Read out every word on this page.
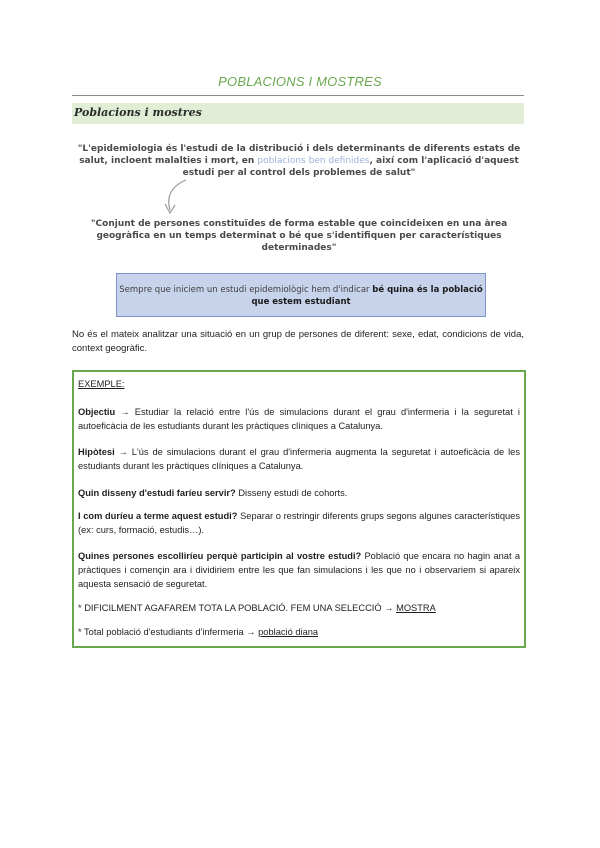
POBLACIONS I MOSTRES
Poblacions i mostres
"L'epidemiologia és l'estudi de la distribució i dels determinants de diferents estats de salut, incloent malalties i mort, en poblacions ben definides, així com l'aplicació d'aquest estudi per al control dels problemes de salut"
"Conjunt de persones constituïdes de forma estable que coincideixen en una àrea geogràfica en un temps determinat o bé que s'identifiquen per característiques determinades"
Sempre que iniciem un estudi epidemiològic hem d'indicar bé quina és la població que estem estudiant
No és el mateix analitzar una situació en un grup de persones de diferent: sexe, edat, condicions de vida, context geogràfic.
EXEMPLE:
Objectiu → Estudiar la relació entre l'ús de simulacions durant el grau d'infermeria i la seguretat i autoeficàcia de les estudiants durant les pràctiques clíniques a Catalunya.
Hipòtesi → L'ús de simulacions durant el grau d'infermeria augmenta la seguretat i autoeficàcia de les estudiants durant les pràctiques clíniques a Catalunya.
Quin disseny d'estudi faríeu servir? Disseny estudi de cohorts.
I com duríeu a terme aquest estudi? Separar o restringir diferents grups segons algunes característiques (ex: curs, formació, estudis…).
Quines persones escolliríeu perquè participin al vostre estudi? Població que encara no hagin anat a pràctiques i començin ara i dividiriem entre les que fan simulacions i les que no i observariem si apareix aquesta sensació de seguretat.
* DIFICILMENT AGAFAREM TOTA LA POBLACIÓ. FEM UNA SELECCIÓ → MOSTRA
* Total població d'estudiants d'infermeria → població diana
